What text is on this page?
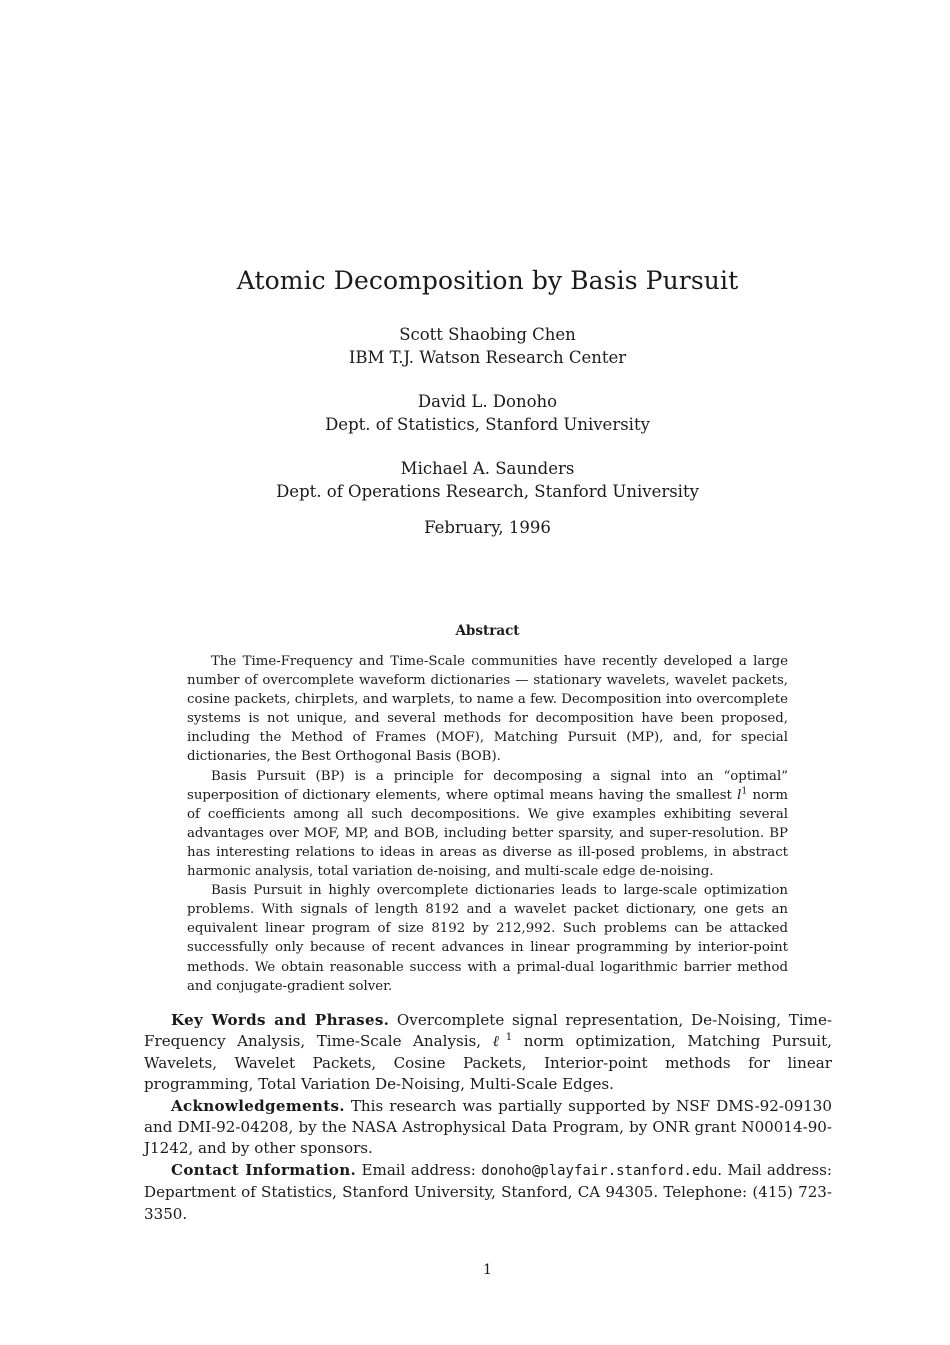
Atomic Decomposition by Basis Pursuit
Scott Shaobing Chen
IBM T.J. Watson Research Center
David L. Donoho
Dept. of Statistics, Stanford University
Michael A. Saunders
Dept. of Operations Research, Stanford University
February, 1996
Abstract

The Time-Frequency and Time-Scale communities have recently developed a large number of overcomplete waveform dictionaries — stationary wavelets, wavelet packets, cosine packets, chirplets, and warplets, to name a few. Decomposition into overcomplete systems is not unique, and several methods for decomposition have been proposed, including the Method of Frames (MOF), Matching Pursuit (MP), and, for special dictionaries, the Best Orthogonal Basis (BOB).

Basis Pursuit (BP) is a principle for decomposing a signal into an “optimal” superposition of dictionary elements, where optimal means having the smallest $l^1$ norm of coefficients among all such decompositions. We give examples exhibiting several advantages over MOF, MP, and BOB, including better sparsity, and super-resolution. BP has interesting relations to ideas in areas as diverse as ill-posed problems, in abstract harmonic analysis, total variation de-noising, and multi-scale edge de-noising.

Basis Pursuit in highly overcomplete dictionaries leads to large-scale optimization problems. With signals of length 8192 and a wavelet packet dictionary, one gets an equivalent linear program of size 8192 by 212,992. Such problems can be attacked successfully only because of recent advances in linear programming by interior-point methods. We obtain reasonable success with a primal-dual logarithmic barrier method and conjugate-gradient solver.

Key Words and Phrases. Overcomplete signal representation, De-Noising, Time-Frequency Analysis, Time-Scale Analysis, ℓ$^1$ norm optimization, Matching Pursuit, Wavelets, Wavelet Packets, Cosine Packets, Interior-point methods for linear programming, Total Variation De-Noising, Multi-Scale Edges.

Acknowledgements. This research was partially supported by NSF DMS-92-09130 and DMI-92-04208, by the NASA Astrophysical Data Program, by ONR grant N00014-90-J1242, and by other sponsors.

Contact Information. Email address: donoho@playfair.stanford.edu. Mail address: Department of Statistics, Stanford University, Stanford, CA 94305. Telephone: (415) 723-3350.

1
